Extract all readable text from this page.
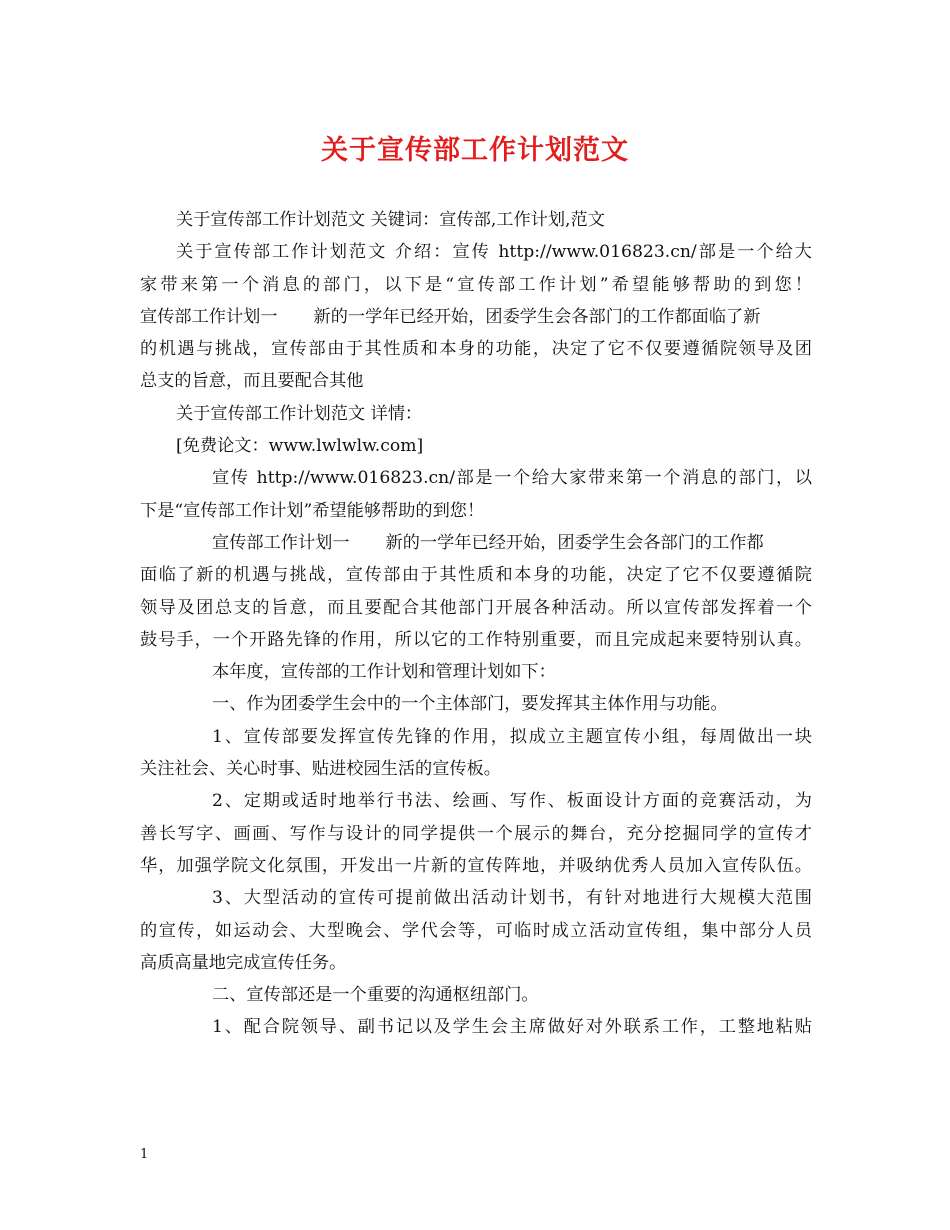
关于宣传部工作计划范文
关于宣传部工作计划范文 关键词：宣传部,工作计划,范文
关于宣传部工作计划范文 介绍：宣传 http://www.016823.cn/部是一个给大
家带来第一个消息的部门，以下是“宣传部工作计划”希望能够帮助的到您！
宣传部工作计划一 新的一学年已经开始，团委学生会各部门的工作都面临了新
的机遇与挑战，宣传部由于其性质和本身的功能，决定了它不仅要遵循院领导及团
总支的旨意，而且要配合其他
关于宣传部工作计划范文 详情：
[免费论文：www.lwlwlw.com]
宣传 http://www.016823.cn/部是一个给大家带来第一个消息的部门，以
下是“宣传部工作计划”希望能够帮助的到您！
宣传部工作计划一 新的一学年已经开始，团委学生会各部门的工作都
面临了新的机遇与挑战，宣传部由于其性质和本身的功能，决定了它不仅要遵循院
领导及团总支的旨意，而且要配合其他部门开展各种活动。所以宣传部发挥着一个
鼓号手，一个开路先锋的作用，所以它的工作特别重要，而且完成起来要特别认真。
本年度，宣传部的工作计划和管理计划如下：
一、作为团委学生会中的一个主体部门，要发挥其主体作用与功能。
1、宣传部要发挥宣传先锋的作用，拟成立主题宣传小组，每周做出一块
关注社会、关心时事、贴进校园生活的宣传板。
2、定期或适时地举行书法、绘画、写作、板面设计方面的竞赛活动，为
善长写字、画画、写作与设计的同学提供一个展示的舞台，充分挖掘同学的宣传才
华，加强学院文化氛围，开发出一片新的宣传阵地，并吸纳优秀人员加入宣传队伍。
3、大型活动的宣传可提前做出活动计划书，有针对地进行大规模大范围
的宣传，如运动会、大型晚会、学代会等，可临时成立活动宣传组，集中部分人员
高质高量地完成宣传任务。
二、宣传部还是一个重要的沟通枢纽部门。
1、配合院领导、副书记以及学生会主席做好对外联系工作，工整地粘贴
1
